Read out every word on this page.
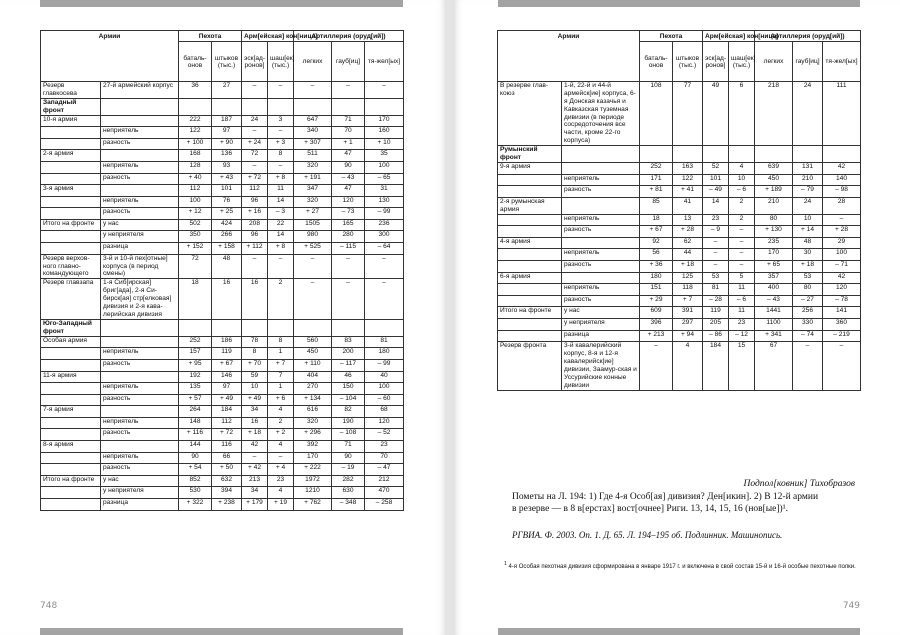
Армии		Пехота		Арм[ейская] кон[ница]		Артиллерия (оруд[ий])		
		баталь-онов	штыков (тыс.)	эск[ад-ронов]	шаш[ек] (тыс.)	легких	гауб[иц]	тя-жел[ых]
Резерв главкосева	27-й армейский корпус	36	27	–	–	–	–	–
Западный фронт								
10-я армия		222	187	24	3	647	71	170
	неприятель	122	97	–	–	340	70	160
	разность	+ 100	+ 90	+ 24	+ 3	+ 307	+ 1	+ 10
2-я армия		168	136	72	8	511	47	35
	неприятель	128	93	–	–	320	90	100
	разность	+ 40	+ 43	+ 72	+ 8	+ 191	– 43	– 65
3-я армия		112	101	112	11	347	47	31
	неприятель	100	76	96	14	320	120	130
	разность	+ 12	+ 25	+ 16	– 3	+ 27	– 73	– 99
Итого на фронте	у нас	502	424	208	22	1505	165	236
	у неприятеля	350	266	96	14	980	280	300
	разница	+ 152	+ 158	+ 112	+ 8	+ 525	– 115	– 64
Резерв верхов-ного главно-командующего	3-й и 10-й пех[отные] корпуса (в период смены)	72	48	–	–	–	–	–
Резерв главзапа	1-я Сиб[ирская] бриг[ада], 2-я Си-бирск[ая] стр[елковая] дивизия и 2-я кава-лерийская дивизия	18	16	16	2	–	–	–
Юго-Западный фронт								
Особая армия		252	186	78	8	560	83	81
	неприятель	157	119	8	1	450	200	180
	разность	+ 95	+ 67	+ 70	+ 7	+ 110	– 117	– 99
11-я армия		192	146	59	7	404	46	40
	неприятель	135	97	10	1	270	150	100
	разность	+ 57	+ 49	+ 49	+ 6	+ 134	– 104	– 60
7-я армия		264	184	34	4	616	82	68
	неприятель	148	112	16	2	320	190	120
	разность	+ 116	+ 72	+ 18	+ 2	+ 296	– 108	– 52
8-я армия		144	116	42	4	392	71	23
	неприятель	90	66	–	–	170	90	70
	разность	+ 54	+ 50	+ 42	+ 4	+ 222	– 19	– 47
Итого на фронте	у нас	852	632	213	23	1972	282	212
	у неприятеля	530	394	34	4	1210	630	470
	разница	+ 322	+ 238	+ 179	+ 19	+ 762	– 348	– 258
748
Армии		Пехота		Арм[ейская] кон[ница]		Артиллерия (оруд[ий])		
		баталь-онов	штыков (тыс.)	эск[ад-ронов]	шаш[ек] (тыс.)	легких	гауб[иц]	тя-жел[ых]
В резерве глав-коюз	1-й, 22-й и 44-й армейск[ие] корпуса, 6-я Донская казачья и Кавказская туземная дивизии (в периоде сосредоточения все части, кроме 22-го корпуса)	108	77	49	6	218	24	111
Румынский фронт								
9-я армия		252	163	52	4	639	131	42
	неприятель	171	122	101	10	450	210	140
	разность	+ 81	+ 41	– 49	– 6	+ 189	– 79	– 98
2-я румынская армия		85	41	14	2	210	24	28
	неприятель	18	13	23	2	80	10	–
	разность	+ 67	+ 28	– 9	–	+ 130	+ 14	+ 28
4-я армия		92	62	–	–	235	48	29
	неприятель	56	44	–	–	170	30	100
	разность	+ 36	+ 18	–	–	+ 65	+ 18	– 71
6-я армия		180	125	53	5	357	53	42
	неприятель	151	118	81	11	400	80	120
	разность	+ 29	+ 7	– 28	– 6	– 43	– 27	– 78
Итого на фронте	у нас	609	391	119	11	1441	256	141
	у неприятеля	396	297	205	23	1100	330	360
	разница	+ 213	+ 94	– 86	– 12	+ 341	– 74	– 219
Резерв фронта	3-й кавалерийский корпус, 8-я и 12-я кавалерийск[ие] дивизии, Заамур-ская и Уссурийские конные дивизии	–	4	184	15	67	–	–
Подпол[ковник] Тихобразов
Пометы на Л. 194: 1) Где 4-я Особ[ая] дивизия? Ден[икин]. 2) В 12-й армии
в резерве — в 8 в[ерстах] вост[очнее] Риги. 13, 14, 15, 16 (нов[ые])¹.
РГВИА. Ф. 2003. Оп. 1. Д. 65. Л. 194–195 об. Подлинник. Машинопись.
$^1$ 4-я Особая пехотная дивизия сформирована в январе 1917 г. и включена в свой состав 15-й и 16-й особые пехотные полки.
749
